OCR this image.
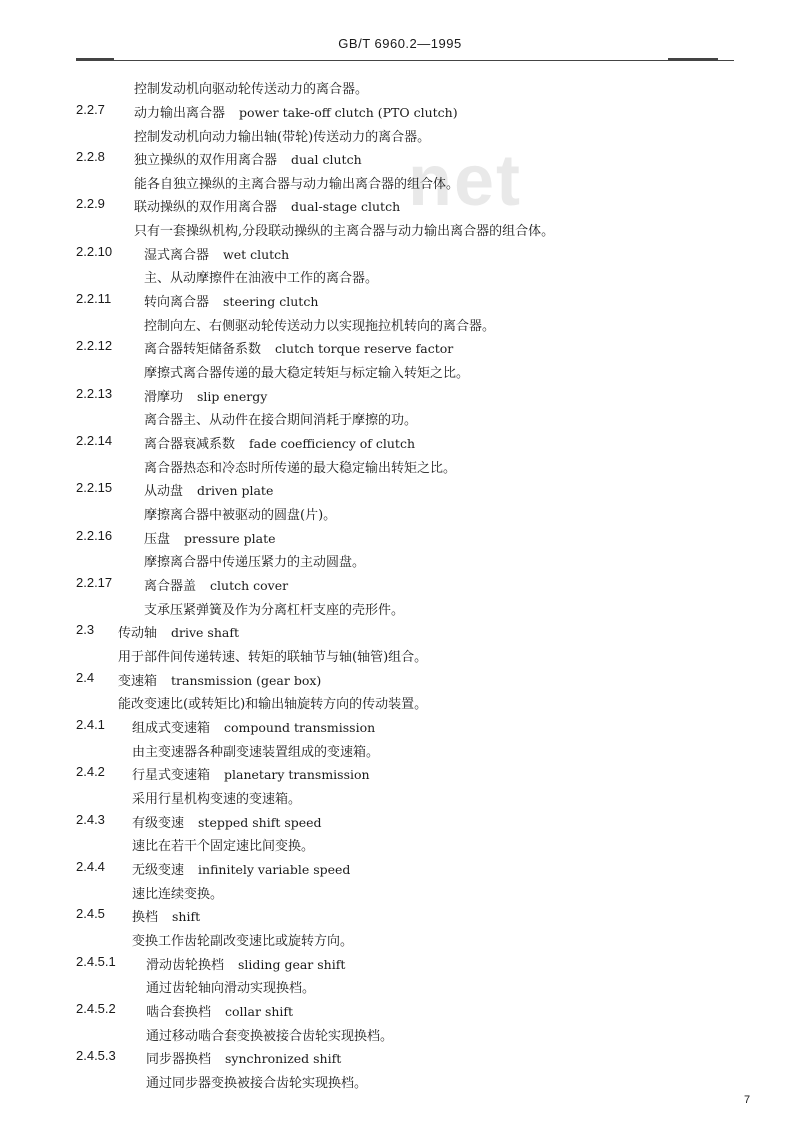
GB/T 6960.2—1995
net
控制发动机向驱动轮传送动力的离合器。
2.2.7	动力输出离合器 power take-off clutch (PTO clutch)
控制发动机向动力输出轴(带轮)传送动力的离合器。
2.2.8	独立操纵的双作用离合器 dual clutch
能各自独立操纵的主离合器与动力输出离合器的组合体。
2.2.9	联动操纵的双作用离合器 dual-stage clutch
只有一套操纵机构,分段联动操纵的主离合器与动力输出离合器的组合体。
2.2.10	湿式离合器 wet clutch
主、从动摩擦件在油液中工作的离合器。
2.2.11	转向离合器 steering clutch
控制向左、右侧驱动轮传送动力以实现拖拉机转向的离合器。
2.2.12	离合器转矩储备系数 clutch torque reserve factor
摩擦式离合器传递的最大稳定转矩与标定输入转矩之比。
2.2.13	滑摩功 slip energy
离合器主、从动件在接合期间消耗于摩擦的功。
2.2.14	离合器衰减系数 fade coefficiency of clutch
离合器热态和冷态时所传递的最大稳定输出转矩之比。
2.2.15	从动盘 driven plate
摩擦离合器中被驱动的圆盘(片)。
2.2.16	压盘 pressure plate
摩擦离合器中传递压紧力的主动圆盘。
2.2.17	离合器盖 clutch cover
支承压紧弹簧及作为分离杠杆支座的壳形件。
2.3	传动轴 drive shaft
用于部件间传递转速、转矩的联轴节与轴(轴管)组合。
2.4	变速箱 transmission (gear box)
能改变速比(或转矩比)和输出轴旋转方向的传动装置。
2.4.1	组成式变速箱 compound transmission
由主变速器各种副变速装置组成的变速箱。
2.4.2	行星式变速箱 planetary transmission
采用行星机构变速的变速箱。
2.4.3	有级变速 stepped shift speed
速比在若干个固定速比间变换。
2.4.4	无级变速 infinitely variable speed
速比连续变换。
2.4.5	换档 shift
变换工作齿轮副改变速比或旋转方向。
2.4.5.1	滑动齿轮换档 sliding gear shift
通过齿轮轴向滑动实现换档。
2.4.5.2	啮合套换档 collar shift
通过移动啮合套变换被接合齿轮实现换档。
2.4.5.3	同步器换档 synchronized shift
通过同步器变换被接合齿轮实现换档。
7
